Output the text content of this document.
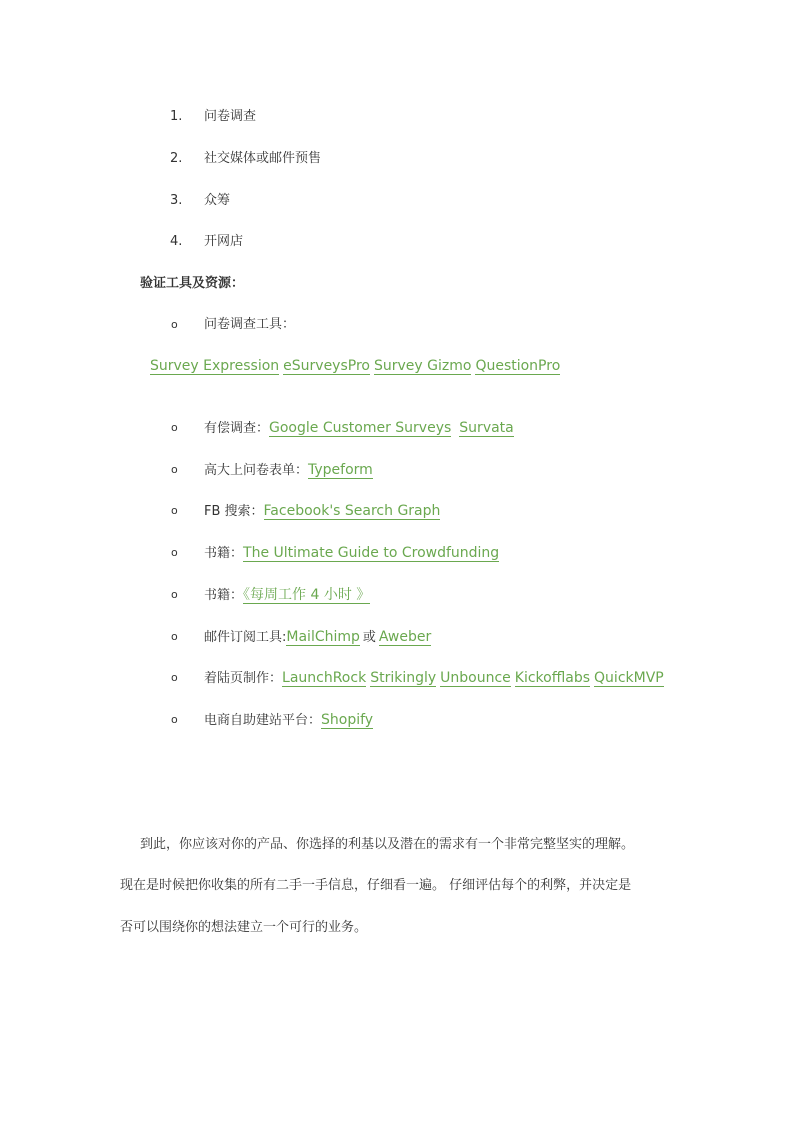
1.	问卷调查
2.	社交媒体或邮件预售
3.	众筹
4.	开网店
验证工具及资源：
o 问卷调查工具：
Survey Expression eSurveysPro Survey Gizmo QuestionPro
o 有偿调查：Google Customer Surveys Survata
o 高大上问卷表单：Typeform
o FB 搜索：Facebook's Search Graph
o 书籍：The Ultimate Guide to Crowdfunding
o 书籍：《每周工作 4 小时 》
o 邮件订阅工具:MailChimp 或 Aweber
o 着陆页制作：LaunchRock Strikingly Unbounce Kickofflabs QuickMVP
o 电商自助建站平台：Shopify
到此，你应该对你的产品、你选择的利基以及潜在的需求有一个非常完整坚实的理解。
现在是时候把你收集的所有二手一手信息，仔细看一遍。 仔细评估每个的利弊，并决定是
否可以围绕你的想法建立一个可行的业务。
